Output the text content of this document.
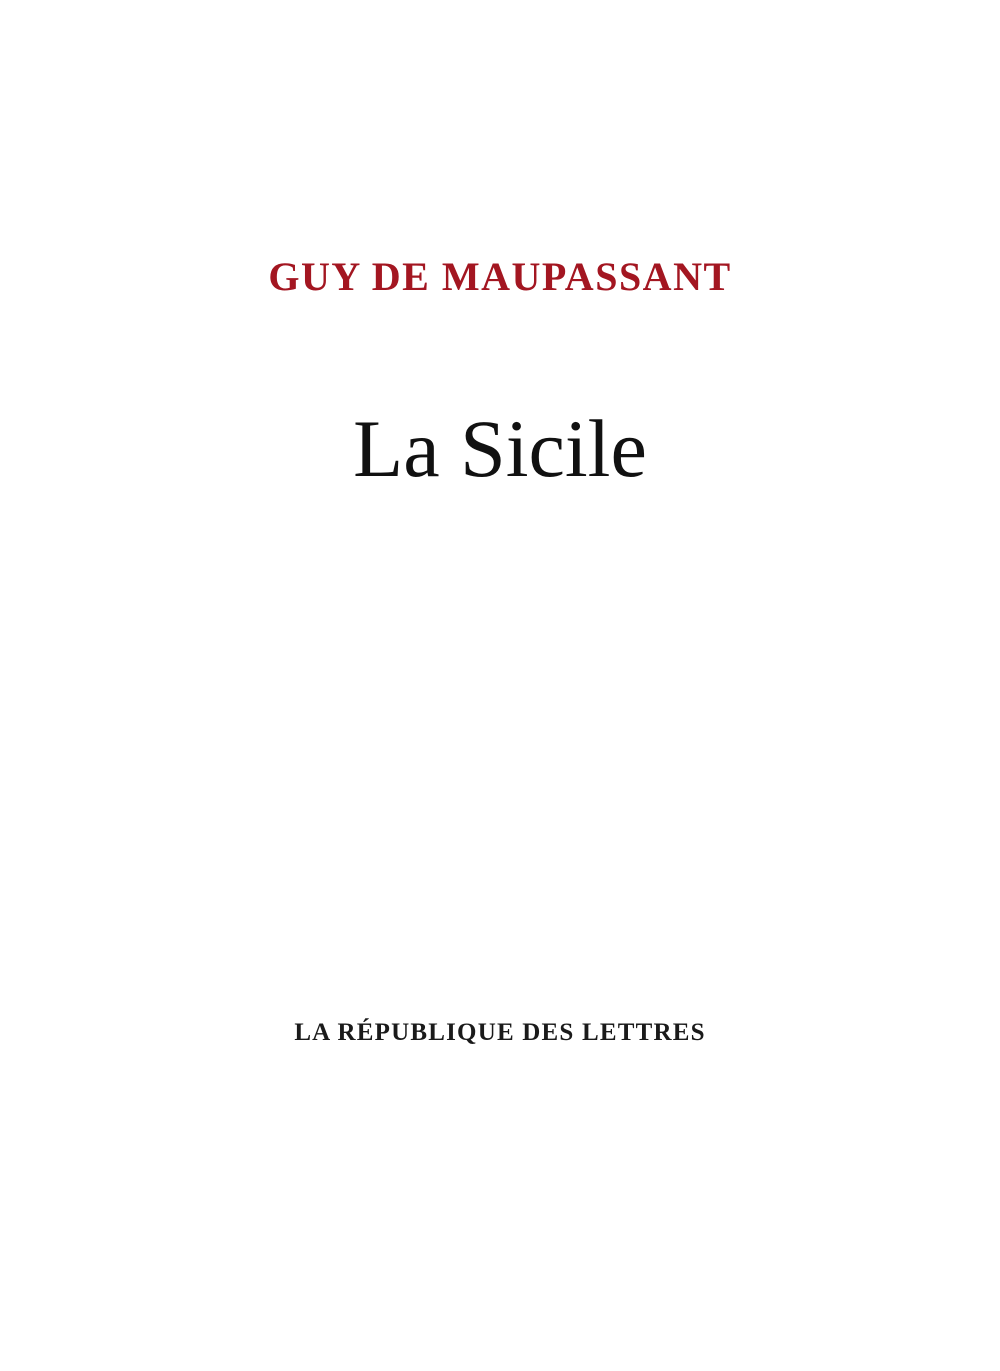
GUY DE MAUPASSANT
La Sicile
LA RÉPUBLIQUE DES LETTRES
